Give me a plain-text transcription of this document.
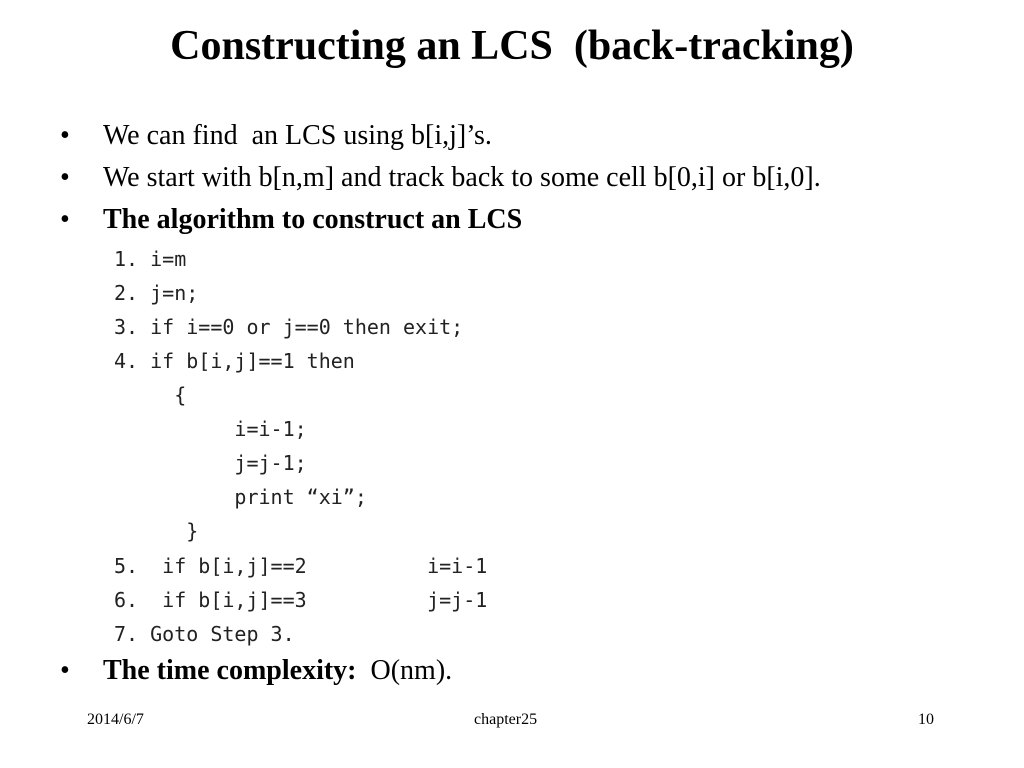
Constructing an LCS  (back-tracking)

•

We can find  an LCS using b[i,j]’s.

•

We start with b[n,m] and track back to some cell b[0,i] or b[i,0].

•

The algorithm to construct an LCS

1. i=m
2. j=n;
3. if i==0 or j==0 then exit;
4. if b[i,j]==1 then
{
i=i-1;
j=j-1;
print “xi”;
}
5.  if b[i,j]==2          i=i-1
6.  if b[i,j]==3          j=j-1
7. Goto Step 3.

•

The time complexity:  O(nm).

2014/6/7	chapter25	10
